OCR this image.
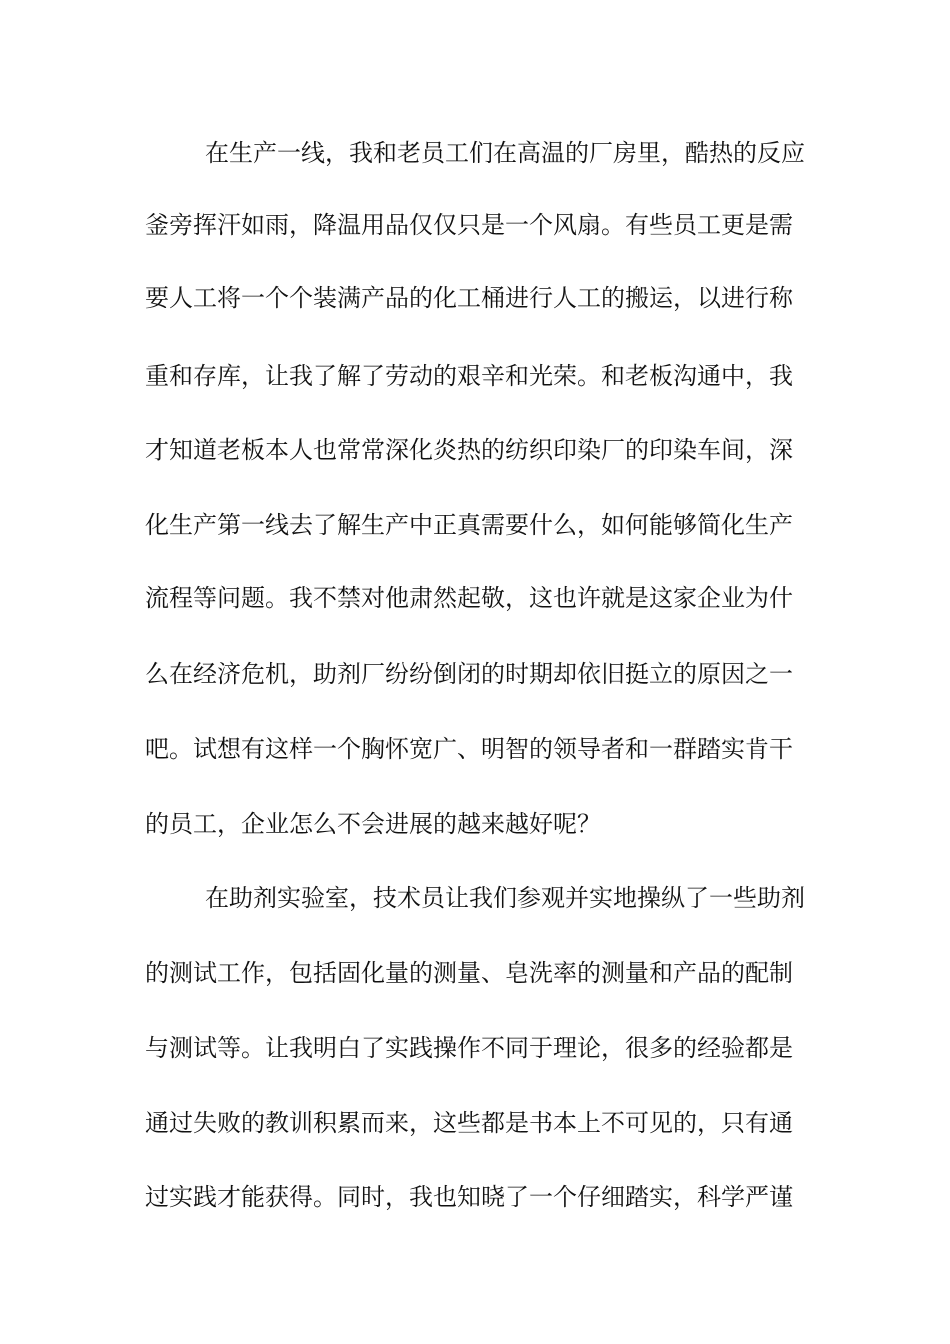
在生产一线，我和老员工们在高温的厂房里，酷热的反应
釜旁挥汗如雨，降温用品仅仅只是一个风扇。有些员工更是需
要人工将一个个装满产品的化工桶进行人工的搬运，以进行称
重和存库，让我了解了劳动的艰辛和光荣。和老板沟通中，我
才知道老板本人也常常深化炎热的纺织印染厂的印染车间，深
化生产第一线去了解生产中正真需要什么，如何能够简化生产
流程等问题。我不禁对他肃然起敬，这也许就是这家企业为什
么在经济危机，助剂厂纷纷倒闭的时期却依旧挺立的原因之一
吧。试想有这样一个胸怀宽广、明智的领导者和一群踏实肯干
的员工，企业怎么不会进展的越来越好呢？
在助剂实验室，技术员让我们参观并实地操纵了一些助剂
的测试工作，包括固化量的测量、皂洗率的测量和产品的配制
与测试等。让我明白了实践操作不同于理论，很多的经验都是
通过失败的教训积累而来，这些都是书本上不可见的，只有通
过实践才能获得。同时，我也知晓了一个仔细踏实，科学严谨
